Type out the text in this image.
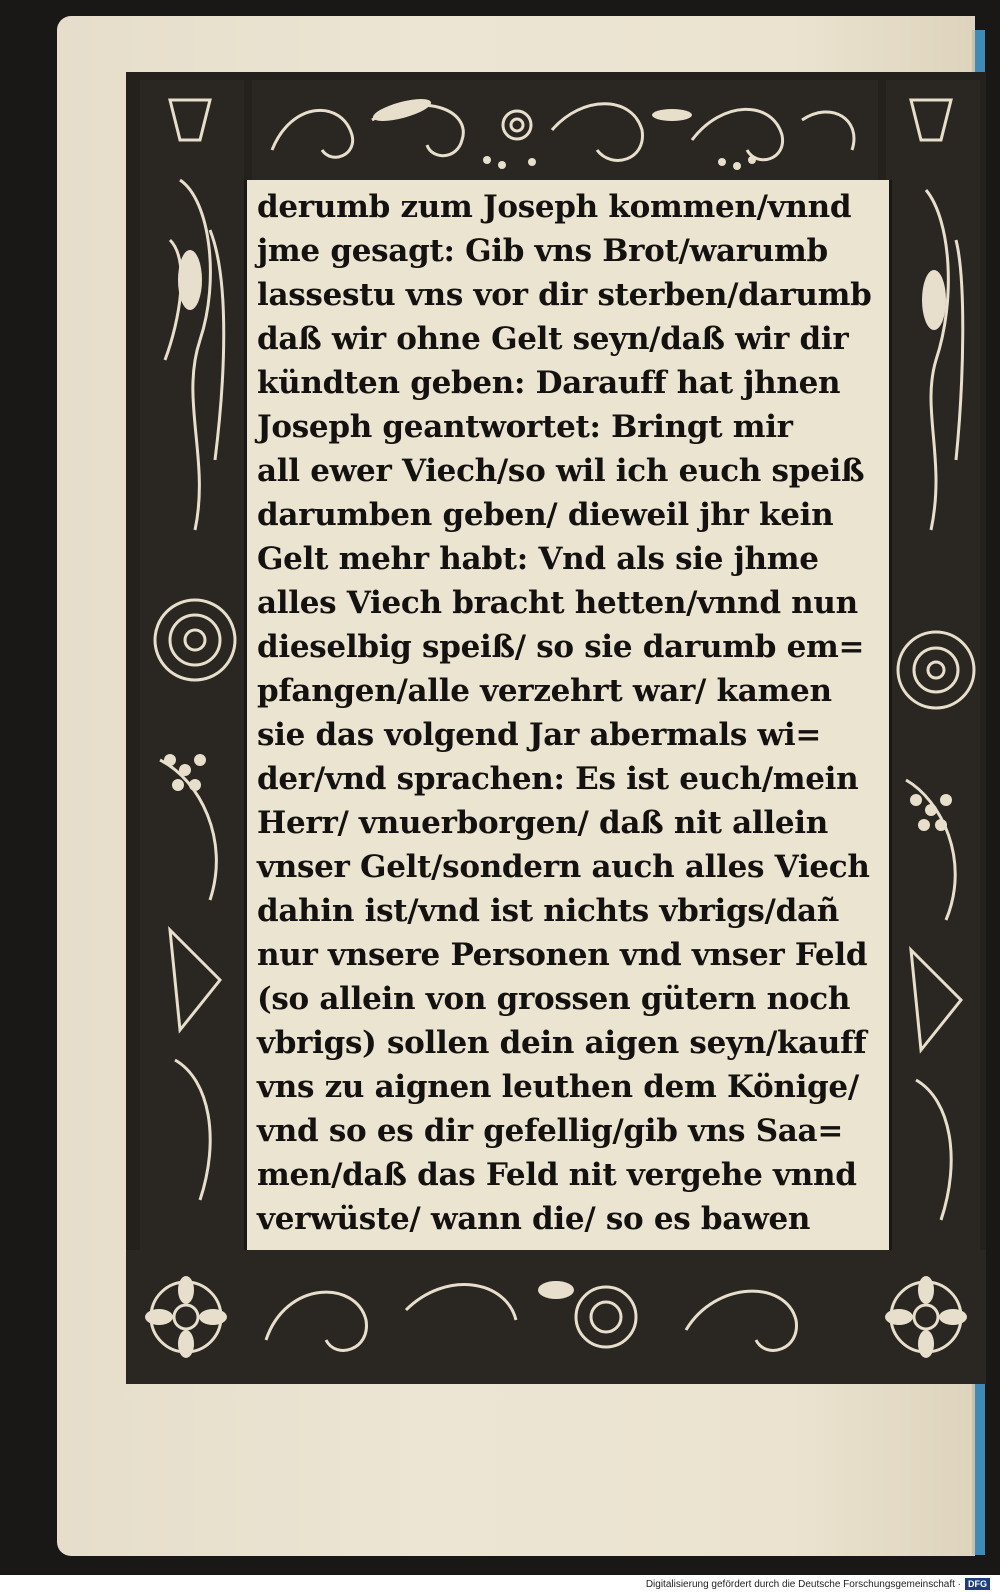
derumb zum Joseph kommen/vnnd
jme gesagt: Gib vns Brot/warumb
lassestu vns vor dir sterben/darumb
daß wir ohne Gelt seyn/daß wir dir
kündten geben: Darauff hat jhnen
Joseph geantwortet: Bringt mir
all ewer Viech/so wil ich euch speiß
darumben geben/ dieweil jhr kein
Gelt mehr habt: Vnd als sie jhme
alles Viech bracht hetten/vnnd nun
dieselbig speiß/ so sie darumb em=
pfangen/alle verzehrt war/ kamen
sie das volgend Jar abermals wi=
der/vnd sprachen: Es ist euch/mein
Herr/ vnuerborgen/ daß nit allein
vnser Gelt/sondern auch alles Viech
dahin ist/vnd ist nichts vbrigs/dañ
nur vnsere Personen vnd vnser Feld
(so allein von grossen gütern noch
vbrigs) sollen dein aigen seyn/kauff
vns zu aignen leuthen dem Könige/
vnd so es dir gefellig/gib vns Saa=
men/daß das Feld nit vergehe vnnd
verwüste/ wann die/ so es bawen
Digitalisierung gefördert durch die Deutsche Forschungsgemeinschaft · DFG
